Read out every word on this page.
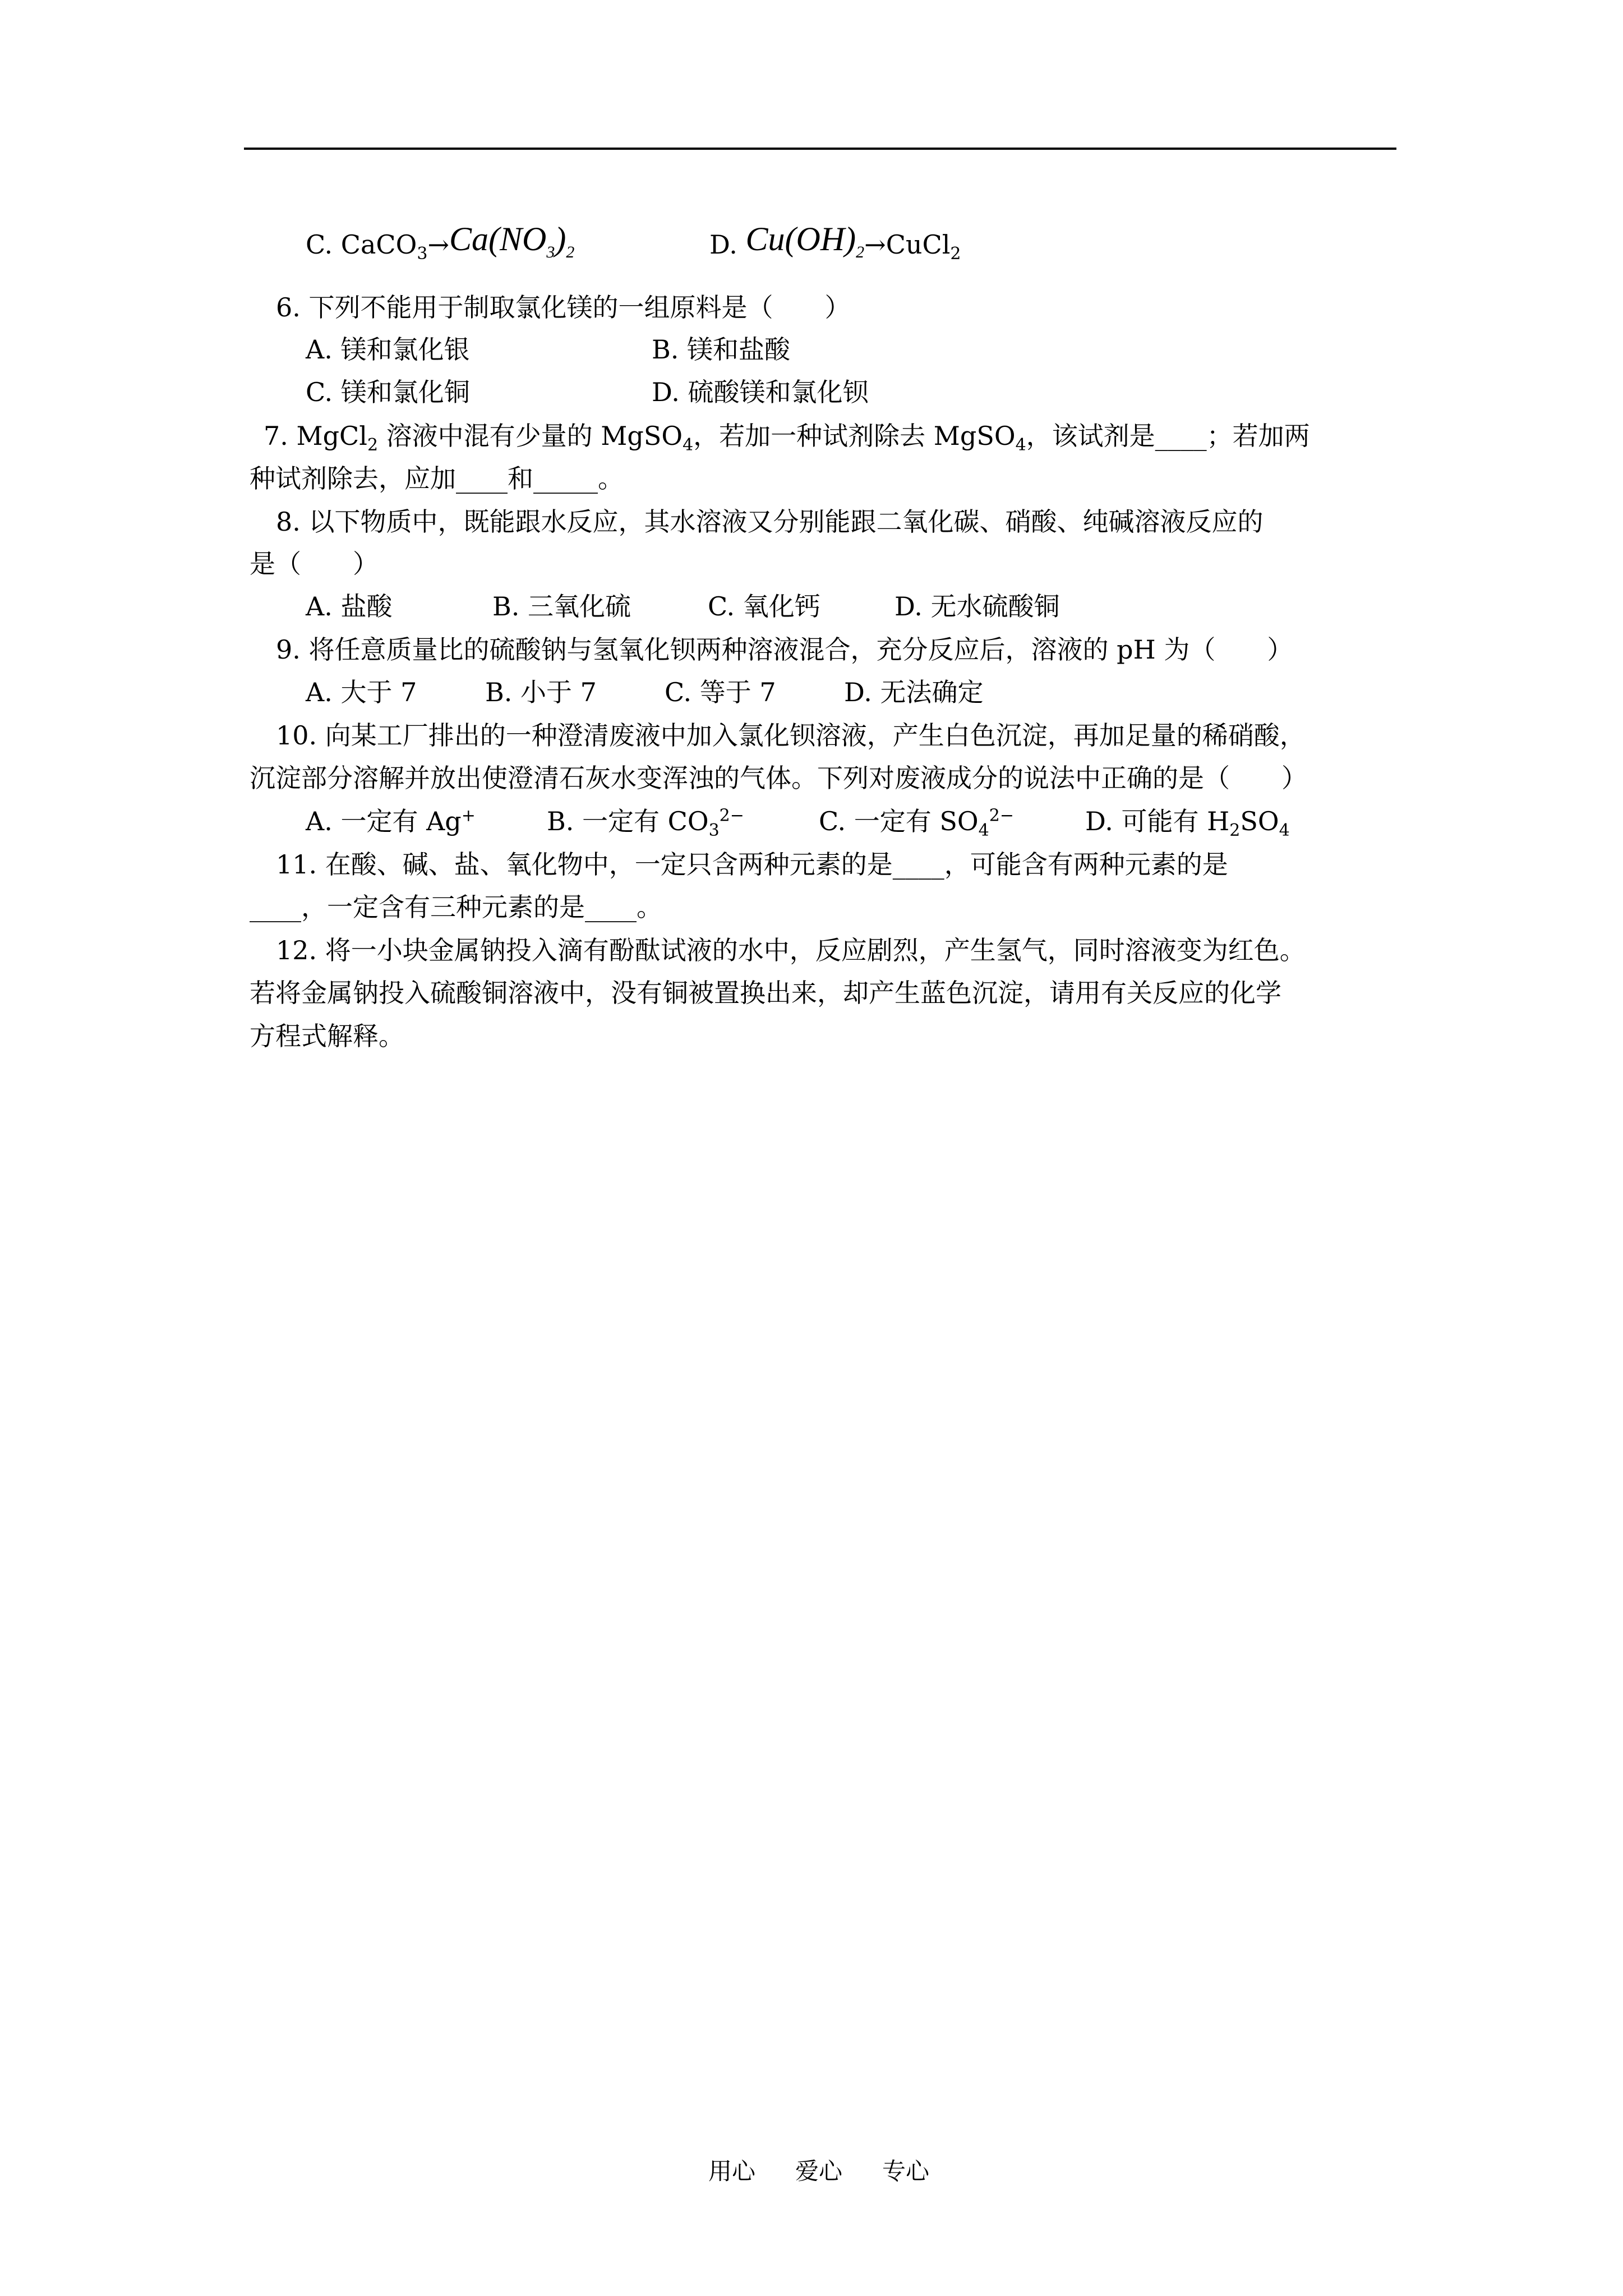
C. $CaCO_3\to Ca(NO_3)_2$	D. $Cu(OH)_2\to CuCl_2$
6. 下列不能用于制取氯化镁的一组原料是（　　）
A. 镁和氯化银	B. 镁和盐酸
C. 镁和氯化铜	D. 硫酸镁和氯化钡
7. MgCl$_2$ 溶液中混有少量的 MgSO$_4$，若加一种试剂除去 MgSO$_4$，该试剂是____；若加两
种试剂除去，应加____和_____。
8. 以下物质中，既能跟水反应，其水溶液又分别能跟二氧化碳、硝酸、纯碱溶液反应的
是（　　）
A. 盐酸	B. 三氧化硫	C. 氧化钙	D. 无水硫酸铜
9. 将任意质量比的硫酸钠与氢氧化钡两种溶液混合，充分反应后，溶液的 pH 为（　　）
A. 大于 7	B. 小于 7	C. 等于 7	D. 无法确定
10. 向某工厂排出的一种澄清废液中加入氯化钡溶液，产生白色沉淀，再加足量的稀硝酸，
沉淀部分溶解并放出使澄清石灰水变浑浊的气体。下列对废液成分的说法中正确的是（　　）
A. 一定有 Ag+	B. 一定有 $CO_3^{2-}$	C. 一定有 $SO_4^{2-}$	D. 可能有 $H_2SO_4$
11. 在酸、碱、盐、氧化物中，一定只含两种元素的是____，可能含有两种元素的是
____，一定含有三种元素的是____。
12. 将一小块金属钠投入滴有酚酞试液的水中，反应剧烈，产生氢气，同时溶液变为红色。
若将金属钠投入硫酸铜溶液中，没有铜被置换出来，却产生蓝色沉淀，请用有关反应的化学
方程式解释。
用心 爱心 专心
